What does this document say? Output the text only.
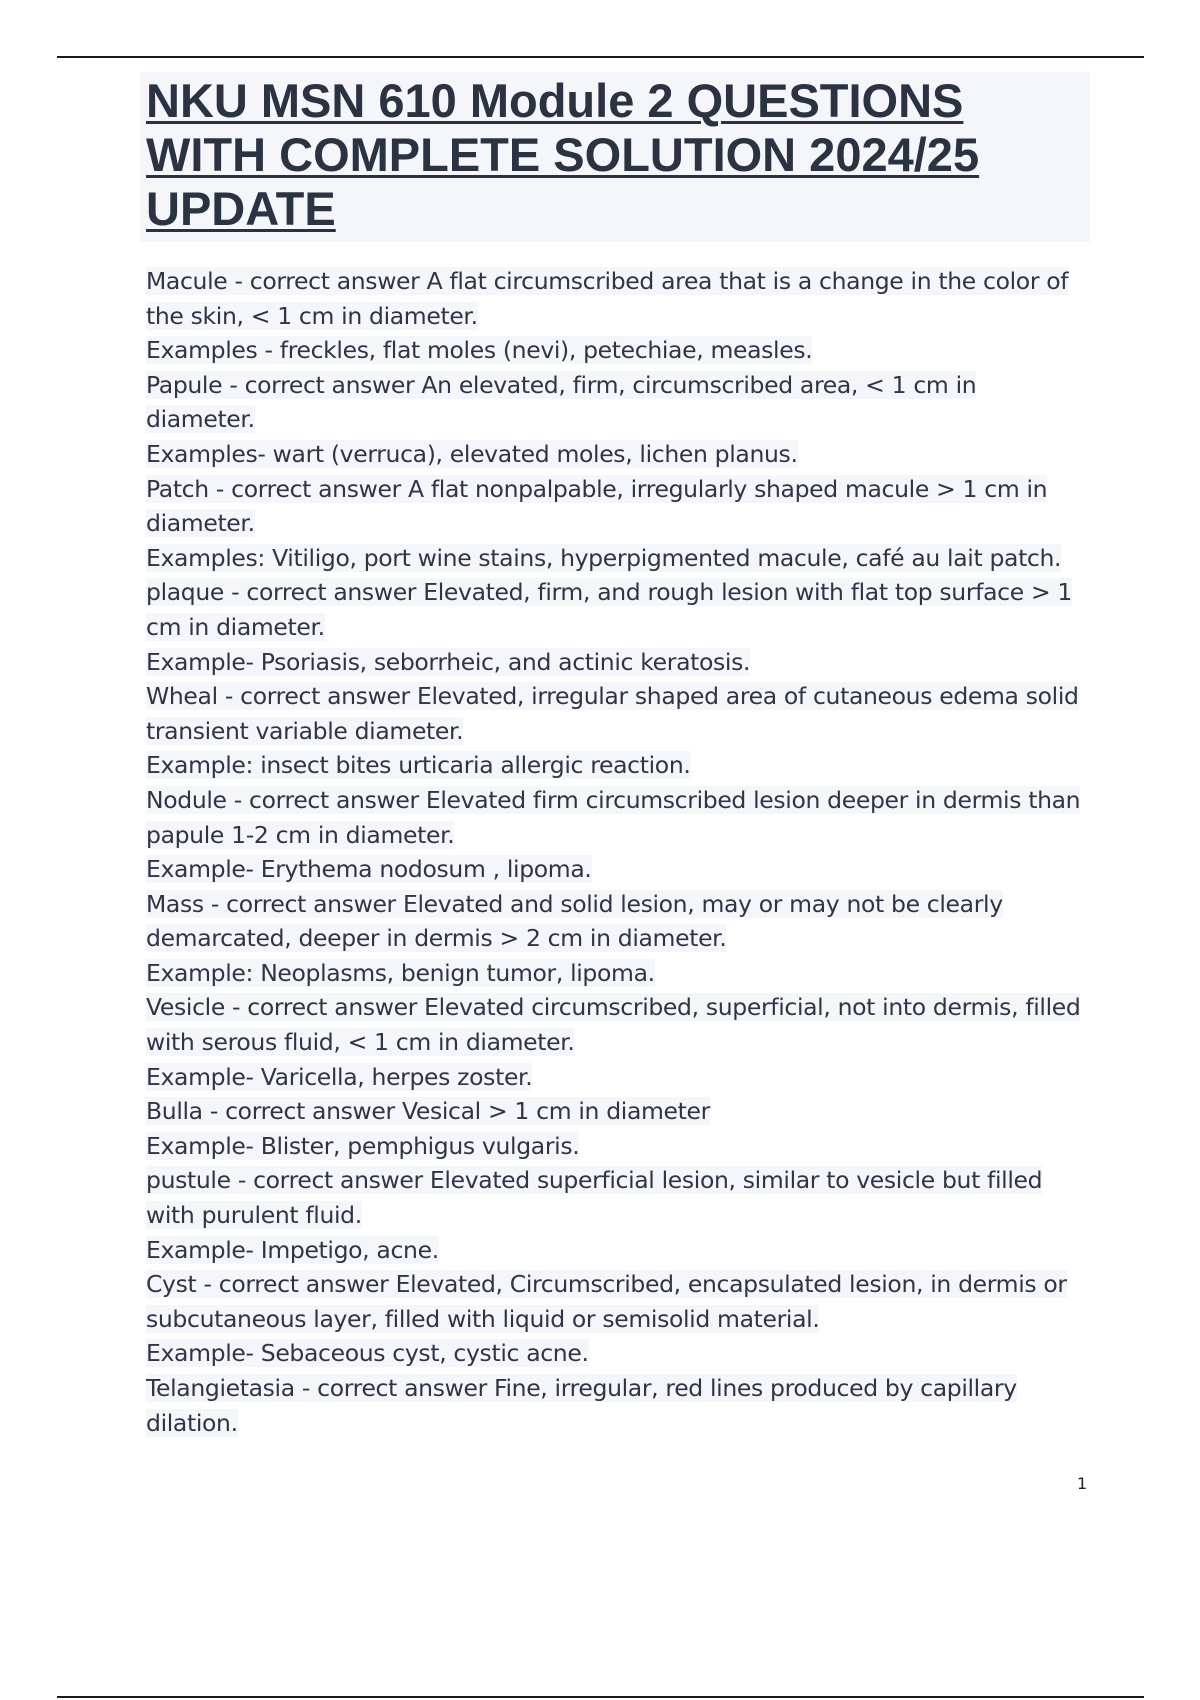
NKU MSN 610 Module 2 QUESTIONS WITH COMPLETE SOLUTION 2024/25 UPDATE

Macule - correct answer A flat circumscribed area that is a change in the color of the skin, < 1 cm in diameter.

Examples - freckles, flat moles (nevi), petechiae, measles.

Papule - correct answer An elevated, firm, circumscribed area, < 1 cm in diameter.

Examples- wart (verruca), elevated moles, lichen planus.

Patch - correct answer A flat nonpalpable, irregularly shaped macule > 1 cm in diameter.

Examples: Vitiligo, port wine stains, hyperpigmented macule, café au lait patch.

plaque - correct answer Elevated, firm, and rough lesion with flat top surface > 1 cm in diameter.

Example- Psoriasis, seborrheic, and actinic keratosis.

Wheal - correct answer Elevated, irregular shaped area of cutaneous edema solid transient variable diameter.

Example: insect bites urticaria allergic reaction.

Nodule - correct answer Elevated firm circumscribed lesion deeper in dermis than papule 1-2 cm in diameter.

Example- Erythema nodosum , lipoma.

Mass - correct answer Elevated and solid lesion, may or may not be clearly demarcated, deeper in dermis > 2 cm in diameter.

Example: Neoplasms, benign tumor, lipoma.

Vesicle - correct answer Elevated circumscribed, superficial, not into dermis, filled with serous fluid, < 1 cm in diameter.

Example- Varicella, herpes zoster.

Bulla - correct answer Vesical > 1 cm in diameter

Example- Blister, pemphigus vulgaris.

pustule - correct answer Elevated superficial lesion, similar to vesicle but filled with purulent fluid.

Example- Impetigo, acne.

Cyst - correct answer Elevated, Circumscribed, encapsulated lesion, in dermis or subcutaneous layer, filled with liquid or semisolid material.

Example- Sebaceous cyst, cystic acne.

Telangietasia - correct answer Fine, irregular, red lines produced by capillary dilation.

1
